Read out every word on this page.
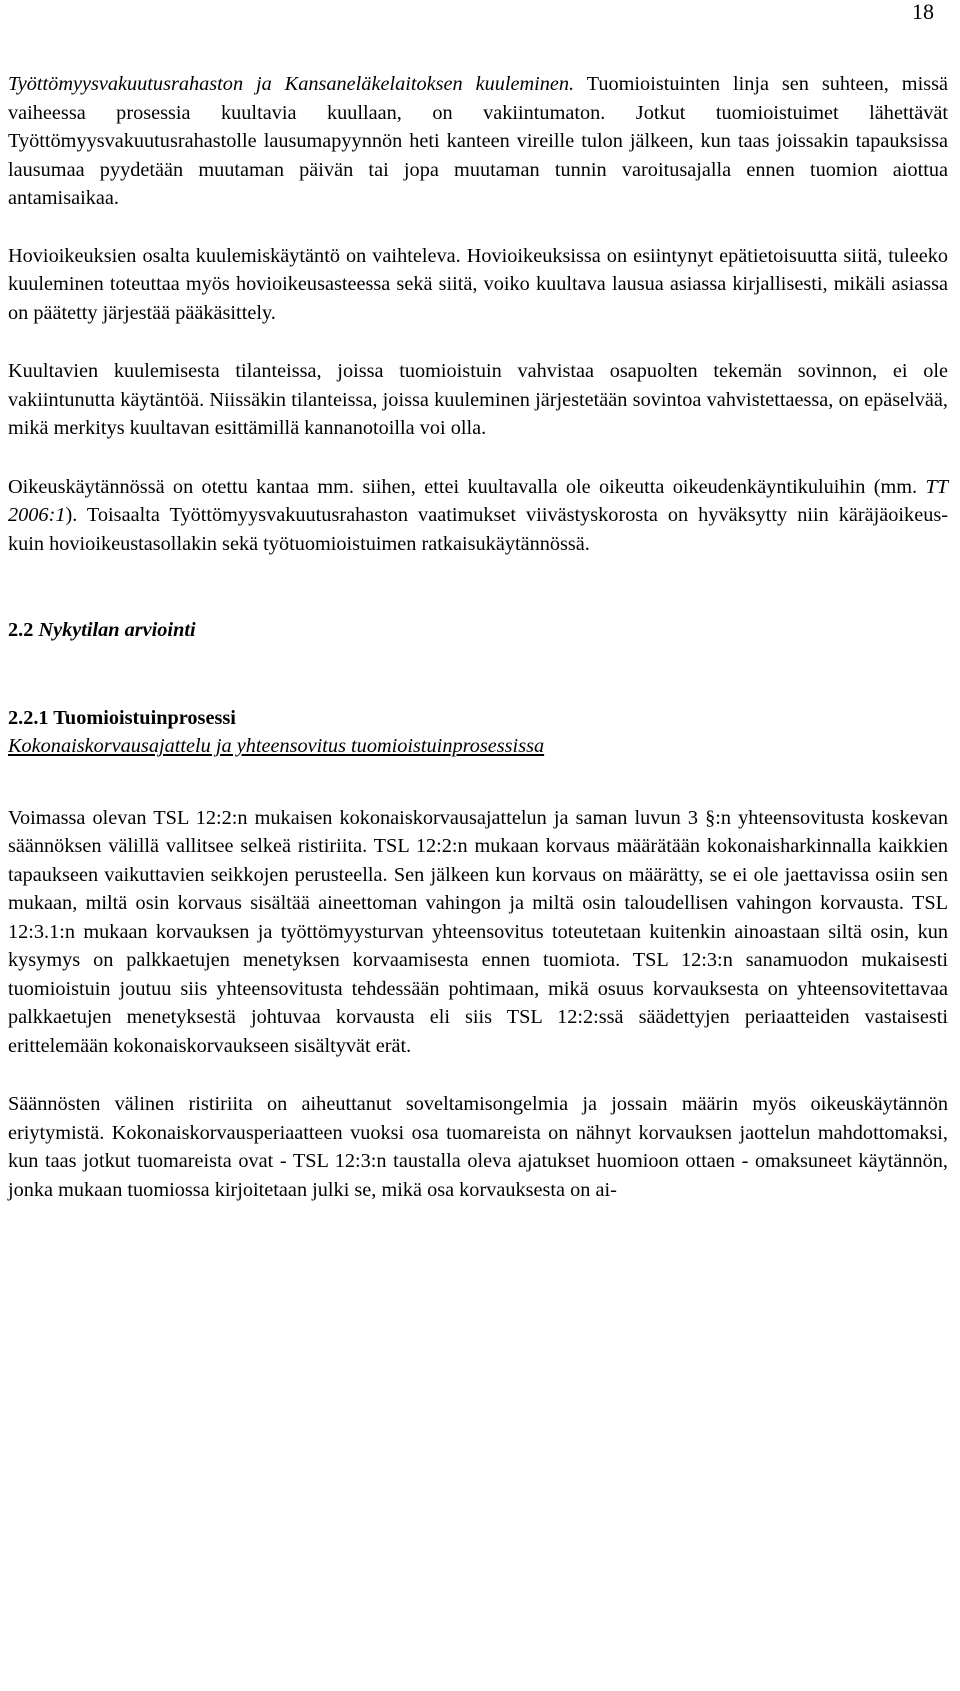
18

Työttömyysvakuutusrahaston ja Kansaneläkelaitoksen kuuleminen. Tuomioistuinten linja sen suhteen, missä vaiheessa prosessia kuultavia kuullaan, on vakiintumaton. Jotkut tuomioistuimet lähettävät Työttömyysvakuutusrahastolle lausumapyynnön heti kanteen vireille tulon jälkeen, kun taas joissakin tapauksissa lausumaa pyydetään muutaman päivän tai jopa muutaman tunnin varoitusajalla ennen tuomion aiottua antamisaikaa.

Hovioikeuksien osalta kuulemiskäytäntö on vaihteleva. Hovioikeuksissa on esiintynyt epätietoisuutta siitä, tuleeko kuuleminen toteuttaa myös hovioikeusasteessa sekä siitä, voiko kuultava lausua asiassa kirjallisesti, mikäli asiassa on päätetty järjestää pääkäsittely.

Kuultavien kuulemisesta tilanteissa, joissa tuomioistuin vahvistaa osapuolten tekemän sovinnon, ei ole vakiintunutta käytäntöä. Niissäkin tilanteissa, joissa kuuleminen järjestetään sovintoa vahvistettaessa, on epäselvää, mikä merkitys kuultavan esittämillä kannanotoilla voi olla.

Oikeuskäytännössä on otettu kantaa mm. siihen, ettei kuultavalla ole oikeutta oikeudenkäyntikuluihin (mm. TT 2006:1). Toisaalta Työttömyysvakuutusrahaston vaatimukset viivästyskorosta on hyväksytty niin käräjäoikeus- kuin hovioikeustasollakin sekä työtuomioistuimen ratkaisukäytännössä.

2.2 Nykytilan arviointi
2.2.1 Tuomioistuinprosessi

Kokonaiskorvausajattelu ja yhteensovitus tuomioistuinprosessissa

Voimassa olevan TSL 12:2:n mukaisen kokonaiskorvausajattelun ja saman luvun 3 §:n yhteensovitusta koskevan säännöksen välillä vallitsee selkeä ristiriita. TSL 12:2:n mukaan korvaus määrätään kokonaisharkinnalla kaikkien tapaukseen vaikuttavien seikkojen perusteella. Sen jälkeen kun korvaus on määrätty, se ei ole jaettavissa osiin sen mukaan, miltä osin korvaus sisältää aineettoman vahingon ja miltä osin taloudellisen vahingon korvausta. TSL 12:3.1:n mukaan korvauksen ja työttömyysturvan yhteensovitus toteutetaan kuitenkin ainoastaan siltä osin, kun kysymys on palkkaetujen menetyksen korvaamisesta ennen tuomiota. TSL 12:3:n sanamuodon mukaisesti tuomioistuin joutuu siis yhteensovitusta tehdessään pohtimaan, mikä osuus korvauksesta on yhteensovitettavaa palkkaetujen menetyksestä johtuvaa korvausta eli siis TSL 12:2:ssä säädettyjen periaatteiden vastaisesti erittelemään kokonaiskorvaukseen sisältyvät erät.

Säännösten välinen ristiriita on aiheuttanut soveltamisongelmia ja jossain määrin myös oikeuskäytännön eriytymistä. Kokonaiskorvausperiaatteen vuoksi osa tuomareista on nähnyt korvauksen jaottelun mahdottomaksi, kun taas jotkut tuomareista ovat - TSL 12:3:n taustalla oleva ajatukset huomioon ottaen - omaksuneet käytännön, jonka mukaan tuomiossa kirjoitetaan julki se, mikä osa korvauksesta on ai-
